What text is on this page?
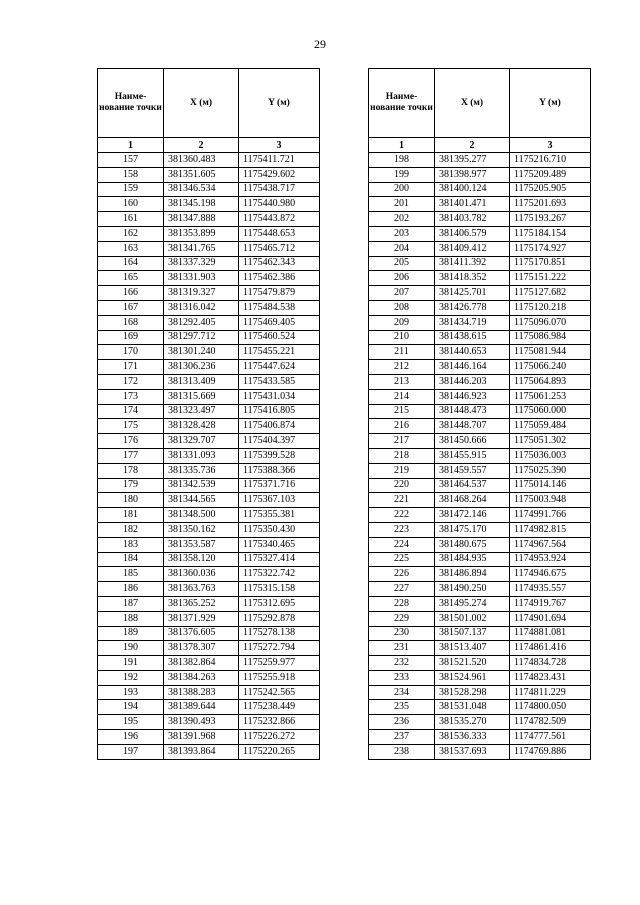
29
Наиме-нование точки	X (м)	Y (м)
1	2	3
157	381360.483	1175411.721
158	381351.605	1175429.602
159	381346.534	1175438.717
160	381345.198	1175440.980
161	381347.888	1175443.872
162	381353.899	1175448.653
163	381341.765	1175465.712
164	381337.329	1175462.343
165	381331.903	1175462.386
166	381319.327	1175479.879
167	381316.042	1175484.538
168	381292.405	1175469.405
169	381297.712	1175460.524
170	381301.240	1175455.221
171	381306.236	1175447.624
172	381313.409	1175433.585
173	381315.669	1175431.034
174	381323.497	1175416.805
175	381328.428	1175406.874
176	381329.707	1175404.397
177	381331.093	1175399.528
178	381335.736	1175388.366
179	381342.539	1175371.716
180	381344.565	1175367.103
181	381348.500	1175355.381
182	381350.162	1175350.430
183	381353.587	1175340.465
184	381358.120	1175327.414
185	381360.036	1175322.742
186	381363.763	1175315.158
187	381365.252	1175312.695
188	381371.929	1175292.878
189	381376.605	1175278.138
190	381378.307	1175272.794
191	381382.864	1175259.977
192	381384.263	1175255.918
193	381388.283	1175242.565
194	381389.644	1175238.449
195	381390.493	1175232.866
196	381391.968	1175226.272
197	381393.864	1175220.265
Наиме-нование точки	X (м)	Y (м)
1	2	3
198	381395.277	1175216.710
199	381398.977	1175209.489
200	381400.124	1175205.905
201	381401.471	1175201.693
202	381403.782	1175193.267
203	381406.579	1175184.154
204	381409.412	1175174.927
205	381411.392	1175170.851
206	381418.352	1175151.222
207	381425.701	1175127.682
208	381426.778	1175120.218
209	381434.719	1175096.070
210	381438.615	1175086.984
211	381440.653	1175081.944
212	381446.164	1175066.240
213	381446.203	1175064.893
214	381446.923	1175061.253
215	381448.473	1175060.000
216	381448.707	1175059.484
217	381450.666	1175051.302
218	381455.915	1175036.003
219	381459.557	1175025.390
220	381464.537	1175014.146
221	381468.264	1175003.948
222	381472.146	1174991.766
223	381475.170	1174982.815
224	381480.675	1174967.564
225	381484.935	1174953.924
226	381486.894	1174946.675
227	381490.250	1174935.557
228	381495.274	1174919.767
229	381501.002	1174901.694
230	381507.137	1174881.081
231	381513.407	1174861.416
232	381521.520	1174834.728
233	381524.961	1174823.431
234	381528.298	1174811.229
235	381531.048	1174800.050
236	381535.270	1174782.509
237	381536.333	1174777.561
238	381537.693	1174769.886
